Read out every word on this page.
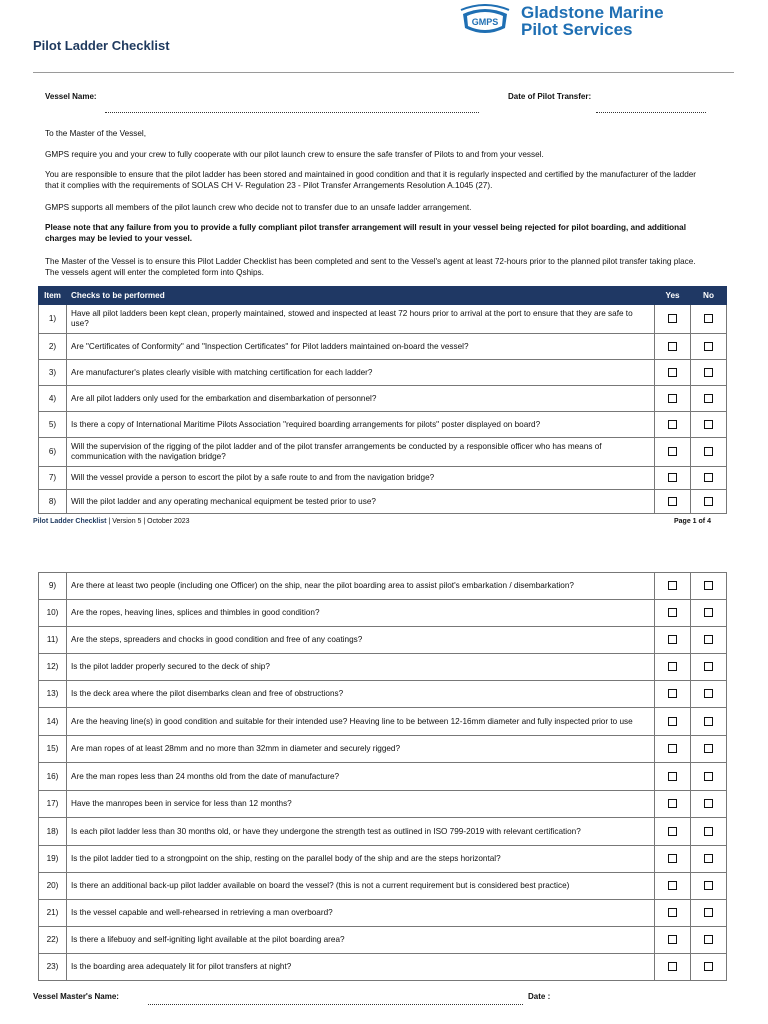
Pilot Ladder Checklist
GMPS Gladstone Marine
Pilot Services
Vessel Name:	Date of Pilot Transfer:
To the Master of the Vessel,
GMPS require you and your crew to fully cooperate with our pilot launch crew to ensure the safe transfer of Pilots to and from your vessel.
You are responsible to ensure that the pilot ladder has been stored and maintained in good condition and that it is regularly inspected and certified by the manufacturer of the ladder that it complies with the requirements of SOLAS CH V- Regulation 23 - Pilot Transfer Arrangements Resolution A.1045 (27).
GMPS supports all members of the pilot launch crew who decide not to transfer due to an unsafe ladder arrangement.
Please note that any failure from you to provide a fully compliant pilot transfer arrangement will result in your vessel being rejected for pilot boarding, and additional charges may be levied to your vessel.
The Master of the Vessel is to ensure this Pilot Ladder Checklist has been completed and sent to the Vessel's agent at least 72-hours prior to the planned pilot transfer taking place. The vessels agent will enter the completed form into Qships.
Item	Checks to be performed	Yes	No
1)	Have all pilot ladders been kept clean, properly maintained, stowed and inspected at least 72 hours prior to arrival at the port to ensure that they are safe to use?		
2)	Are "Certificates of Conformity" and "Inspection Certificates" for Pilot ladders maintained on-board the vessel?		
3)	Are manufacturer's plates clearly visible with matching certification for each ladder?		
4)	Are all pilot ladders only used for the embarkation and disembarkation of personnel?		
5)	Is there a copy of International Maritime Pilots Association "required boarding arrangements for pilots" poster displayed on board?		
6)	Will the supervision of the rigging of the pilot ladder and of the pilot transfer arrangements be conducted by a responsible officer who has means of communication with the navigation bridge?		
7)	Will the vessel provide a person to escort the pilot by a safe route to and from the navigation bridge?		
8)	Will the pilot ladder and any operating mechanical equipment be tested prior to use?		
Pilot Ladder Checklist | Version 5 | October 2023	Page 1 of 4
9)	Are there at least two people (including one Officer) on the ship, near the pilot boarding area to assist pilot's embarkation / disembarkation?		
10)	Are the ropes, heaving lines, splices and thimbles in good condition?		
11)	Are the steps, spreaders and chocks in good condition and free of any coatings?		
12)	Is the pilot ladder properly secured to the deck of ship?		
13)	Is the deck area where the pilot disembarks clean and free of obstructions?		
14)	Are the heaving line(s) in good condition and suitable for their intended use? Heaving line to be between 12-16mm diameter and fully inspected prior to use		
15)	Are man ropes of at least 28mm and no more than 32mm in diameter and securely rigged?		
16)	Are the man ropes less than 24 months old from the date of manufacture?		
17)	Have the manropes been in service for less than 12 months?		
18)	Is each pilot ladder less than 30 months old, or have they undergone the strength test as outlined in ISO 799-2019 with relevant certification?		
19)	Is the pilot ladder tied to a strongpoint on the ship, resting on the parallel body of the ship and are the steps horizontal?		
20)	Is there an additional back-up pilot ladder available on board the vessel? (this is not a current requirement but is considered best practice)		
21)	Is the vessel capable and well-rehearsed in retrieving a man overboard?		
22)	Is there a lifebuoy and self-igniting light available at the pilot boarding area?		
23)	Is the boarding area adequately lit for pilot transfers at night?		
Vessel Master's Name:	Date :
